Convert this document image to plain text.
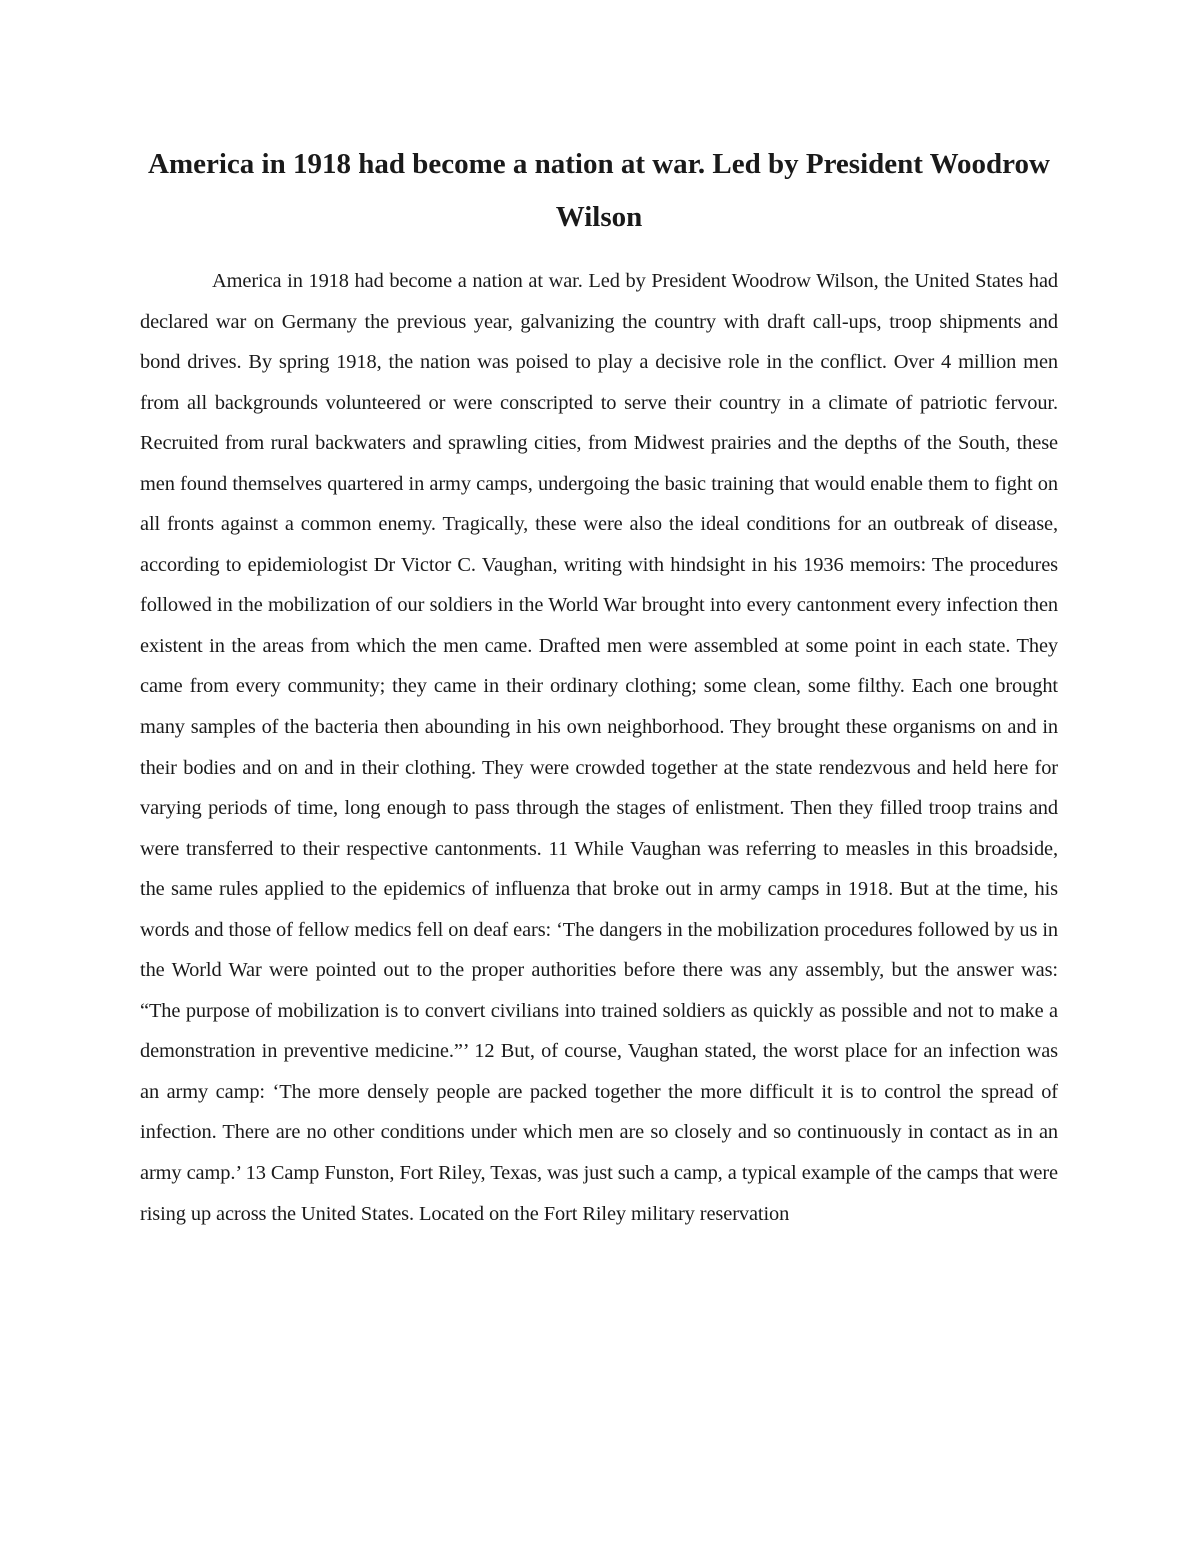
America in 1918 had become a nation at war. Led by President Woodrow Wilson

America in 1918 had become a nation at war. Led by President Woodrow Wilson, the United States had declared war on Germany the previous year, galvanizing the country with draft call-ups, troop shipments and bond drives. By spring 1918, the nation was poised to play a decisive role in the conflict. Over 4 million men from all backgrounds volunteered or were conscripted to serve their country in a climate of patriotic fervour. Recruited from rural backwaters and sprawling cities, from Midwest prairies and the depths of the South, these men found themselves quartered in army camps, undergoing the basic training that would enable them to fight on all fronts against a common enemy. Tragically, these were also the ideal conditions for an outbreak of disease, according to epidemiologist Dr Victor C. Vaughan, writing with hindsight in his 1936 memoirs: The procedures followed in the mobilization of our soldiers in the World War brought into every cantonment every infection then existent in the areas from which the men came. Drafted men were assembled at some point in each state. They came from every community; they came in their ordinary clothing; some clean, some filthy. Each one brought many samples of the bacteria then abounding in his own neighborhood. They brought these organisms on and in their bodies and on and in their clothing. They were crowded together at the state rendezvous and held here for varying periods of time, long enough to pass through the stages of enlistment. Then they filled troop trains and were transferred to their respective cantonments. 11 While Vaughan was referring to measles in this broadside, the same rules applied to the epidemics of influenza that broke out in army camps in 1918. But at the time, his words and those of fellow medics fell on deaf ears: ‘The dangers in the mobilization procedures followed by us in the World War were pointed out to the proper authorities before there was any assembly, but the answer was: “The purpose of mobilization is to convert civilians into trained soldiers as quickly as possible and not to make a demonstration in preventive medicine.”’ 12 But, of course, Vaughan stated, the worst place for an infection was an army camp: ‘The more densely people are packed together the more difficult it is to control the spread of infection. There are no other conditions under which men are so closely and so continuously in contact as in an army camp.’ 13 Camp Funston, Fort Riley, Texas, was just such a camp, a typical example of the camps that were rising up across the United States. Located on the Fort Riley military reservation
